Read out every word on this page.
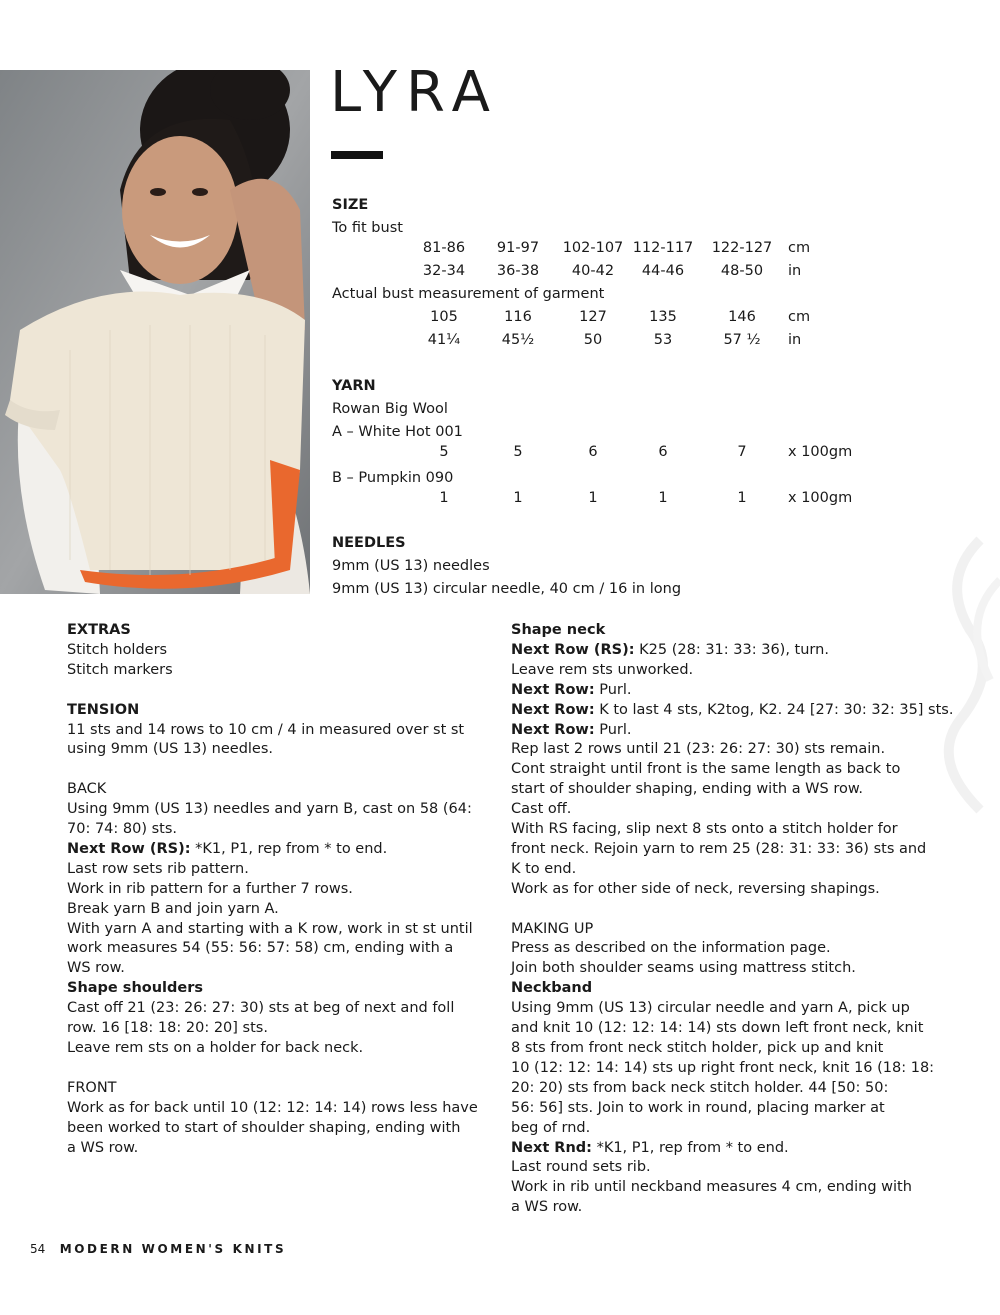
LYRA
SIZE
To fit bust
81-86	91-97	102-107 112-117	122-127	cm
32-34	36-38	40-42	44-46	48-50	in
Actual bust measurement of garment
105	116	127	135	146	cm
41¼	45½	50	53	57 ½	in
YARN
Rowan Big Wool
A – White Hot 001
5	5	6	6	7	x 100gm
B – Pumpkin 090
1	1	1	1	1	x 100gm
NEEDLES
9mm (US 13) needles
9mm (US 13) circular needle, 40 cm / 16 in long
EXTRAS
Stitch holders
Stitch markers
TENSION
11 sts and 14 rows to 10 cm / 4 in measured over st st
using 9mm (US 13) needles.
BACK
Using 9mm (US 13) needles and yarn B, cast on 58 (64:
70: 74: 80) sts.
Next Row (RS): *K1, P1, rep from * to end.
Last row sets rib pattern.
Work in rib pattern for a further 7 rows.
Break yarn B and join yarn A.
With yarn A and starting with a K row, work in st st until
work measures 54 (55: 56: 57: 58) cm, ending with a
WS row.
Shape shoulders
Cast off 21 (23: 26: 27: 30) sts at beg of next and foll
row. 16 [18: 18: 20: 20] sts.
Leave rem sts on a holder for back neck.
FRONT
Work as for back until 10 (12: 12: 14: 14) rows less have
been worked to start of shoulder shaping, ending with
a WS row.
Shape neck
Next Row (RS): K25 (28: 31: 33: 36), turn.
Leave rem sts unworked.
Next Row: Purl.
Next Row: K to last 4 sts, K2tog, K2. 24 [27: 30: 32: 35] sts.
Next Row: Purl.
Rep last 2 rows until 21 (23: 26: 27: 30) sts remain.
Cont straight until front is the same length as back to
start of shoulder shaping, ending with a WS row.
Cast off.
With RS facing, slip next 8 sts onto a stitch holder for
front neck. Rejoin yarn to rem 25 (28: 31: 33: 36) sts and
K to end.
Work as for other side of neck, reversing shapings.
MAKING UP
Press as described on the information page.
Join both shoulder seams using mattress stitch.
Neckband
Using 9mm (US 13) circular needle and yarn A, pick up
and knit 10 (12: 12: 14: 14) sts down left front neck, knit
8 sts from front neck stitch holder, pick up and knit
10 (12: 12: 14: 14) sts up right front neck, knit 16 (18: 18:
20: 20) sts from back neck stitch holder. 44 [50: 50:
56: 56] sts. Join to work in round, placing marker at
beg of rnd.
Next Rnd: *K1, P1, rep from * to end.
Last round sets rib.
Work in rib until neckband measures 4 cm, ending with
a WS row.
54 MODERN WOMEN'S KNITS
